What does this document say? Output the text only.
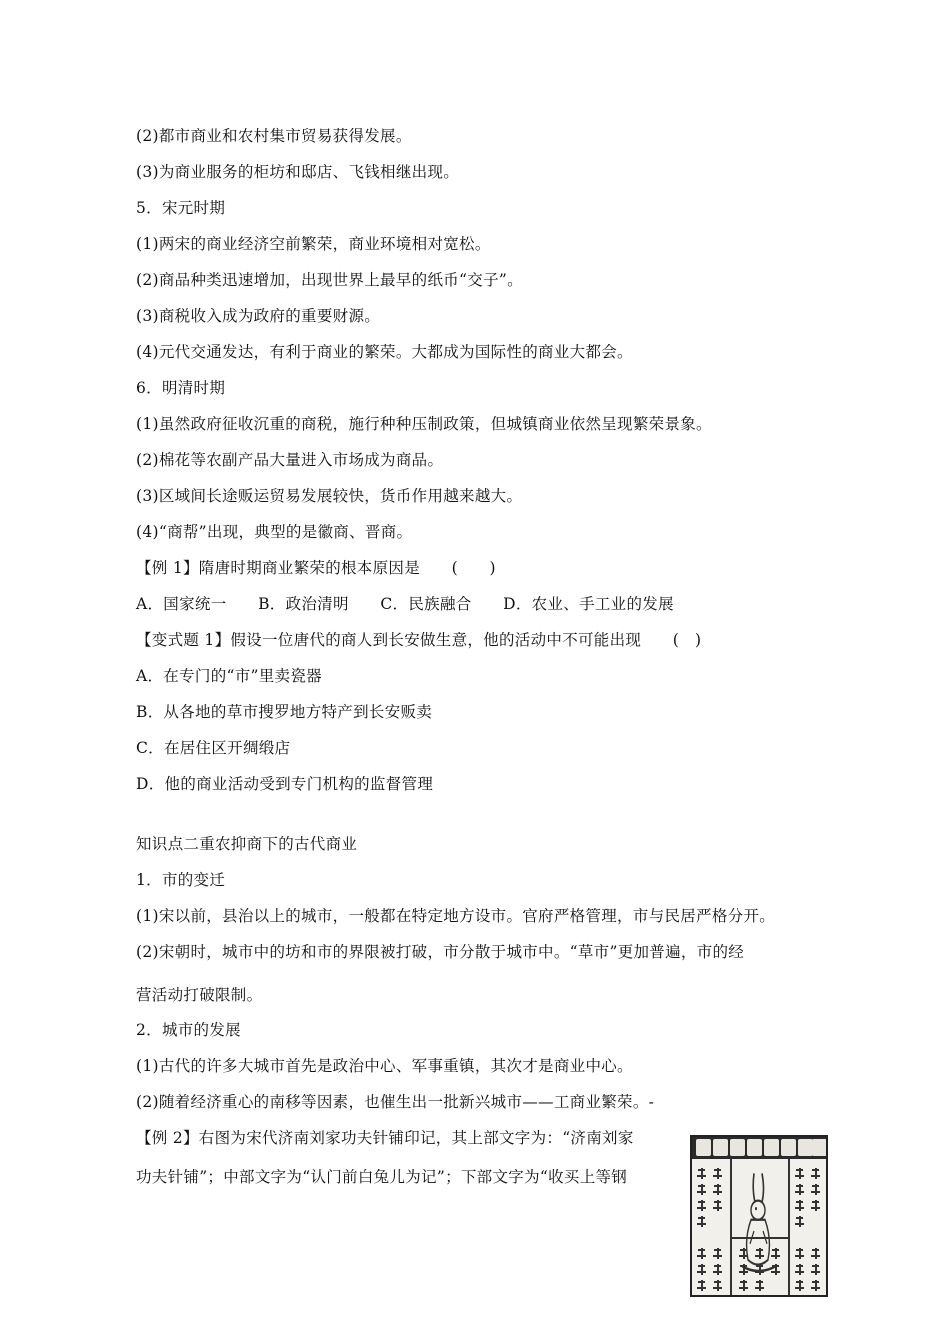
(2)都市商业和农村集市贸易获得发展。
(3)为商业服务的柜坊和邸店、飞钱相继出现。
5．宋元时期
(1)两宋的商业经济空前繁荣，商业环境相对宽松。
(2)商品种类迅速增加，出现世界上最早的纸币“交子”。
(3)商税收入成为政府的重要财源。
(4)元代交通发达，有利于商业的繁荣。大都成为国际性的商业大都会。
6．明清时期
(1)虽然政府征收沉重的商税，施行种种压制政策，但城镇商业依然呈现繁荣景象。
(2)棉花等农副产品大量进入市场成为商品。
(3)区域间长途贩运贸易发展较快，货币作用越来越大。
(4)“商帮”出现，典型的是徽商、晋商。
【例 1】隋唐时期商业繁荣的根本原因是　　(　　)
A．国家统一　　B．政治清明　　C．民族融合　　D．农业、手工业的发展
【变式题 1】假设一位唐代的商人到长安做生意，他的活动中不可能出现　　(　)
A．在专门的“市”里卖瓷器
B．从各地的草市搜罗地方特产到长安贩卖
C．在居住区开绸缎店
D．他的商业活动受到专门机构的监督管理
知识点二重农抑商下的古代商业
1．市的变迁
(1)宋以前，县治以上的城市，一般都在特定地方设市。官府严格管理，市与民居严格分开。
(2)宋朝时，城市中的坊和市的界限被打破，市分散于城市中。“草市”更加普遍，市的经
营活动打破限制。
2．城市的发展
(1)古代的许多大城市首先是政治中心、军事重镇，其次才是商业中心。
(2)随着经济重心的南移等因素，也催生出一批新兴城市——工商业繁荣。-
【例 2】右图为宋代济南刘家功夫针铺印记，其上部文字为：“济南刘家
功夫针铺”；中部文字为“认门前白兔儿为记”；下部文字为“收买上等钢
